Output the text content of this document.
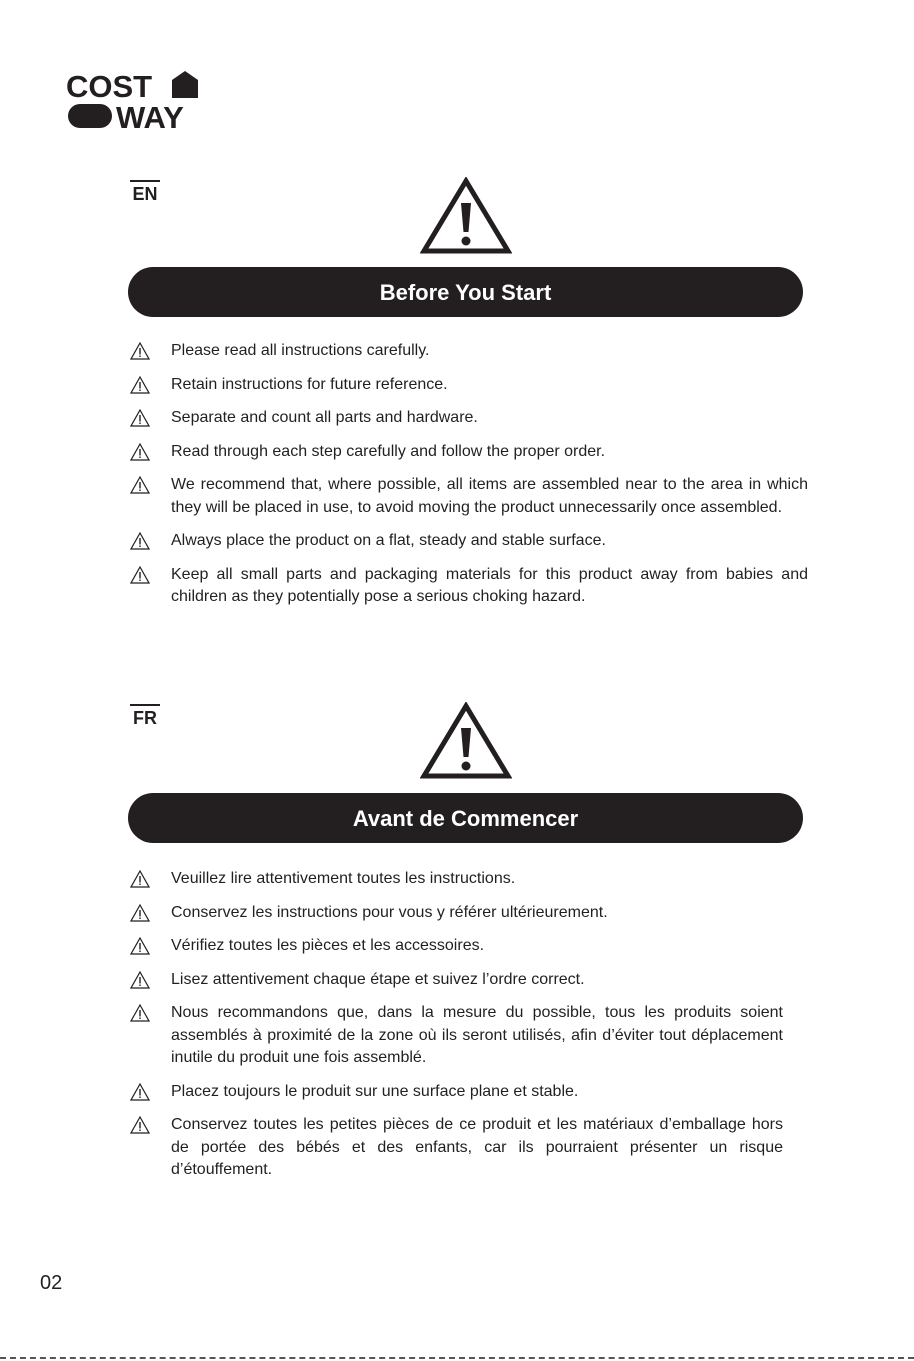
COST
WAY
EN
Before You Start
Please read all instructions carefully.
Retain instructions for future reference.
Separate and count all parts and hardware.
Read through each step carefully and follow the proper order.
We recommend that, where possible, all items are assembled near to the area in which they will be placed in use, to avoid moving the product unnecessarily once assembled.
Always place the product on a flat, steady and stable surface.
Keep all small parts and packaging materials for this product away from babies and children as they potentially pose a serious choking hazard.
FR
Avant de Commencer
Veuillez lire attentivement toutes les instructions.
Conservez les instructions pour vous y référer ultérieurement.
Vérifiez toutes les pièces et les accessoires.
Lisez attentivement chaque étape et suivez l’ordre correct.
Nous recommandons que, dans la mesure du possible, tous les produits soient assemblés à proximité de la zone où ils seront utilisés, afin d’éviter tout déplacement inutile du produit une fois assemblé.
Placez toujours le produit sur une surface plane et stable.
Conservez toutes les petites pièces de ce produit et les matériaux d’emballage hors de portée des bébés et des enfants, car ils pourraient présenter un risque d’étouffement.
02
